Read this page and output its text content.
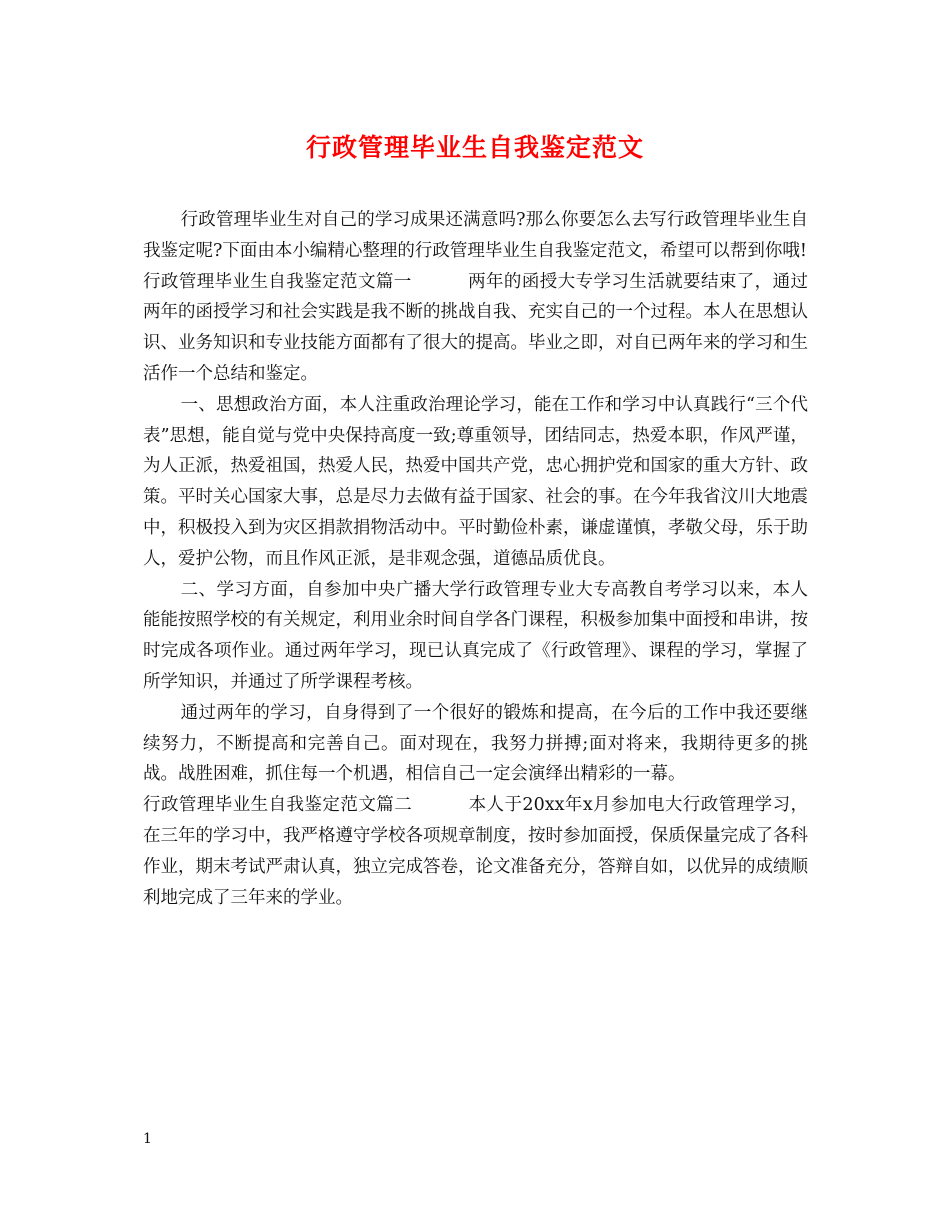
行政管理毕业生自我鉴定范文

行政管理毕业生对自己的学习成果还满意吗?那么你要怎么去写行政管理毕业生自我鉴定呢?下面由本小编精心整理的行政管理毕业生自我鉴定范文，希望可以帮到你哦!

行政管理毕业生自我鉴定范文篇一	两年的函授大专学习生活就要结束了，通过两年的函授学习和社会实践是我不断的挑战自我、充实自己的一个过程。本人在思想认识、业务知识和专业技能方面都有了很大的提高。毕业之即，对自已两年来的学习和生活作一个总结和鉴定。

一、思想政治方面，本人注重政治理论学习，能在工作和学习中认真践行“三个代表”思想，能自觉与党中央保持高度一致;尊重领导，团结同志，热爱本职，作风严谨，为人正派，热爱祖国，热爱人民，热爱中国共产党，忠心拥护党和国家的重大方针、政策。平时关心国家大事，总是尽力去做有益于国家、社会的事。在今年我省汶川大地震中，积极投入到为灾区捐款捐物活动中。平时勤俭朴素，谦虚谨慎，孝敬父母，乐于助人，爱护公物，而且作风正派，是非观念强，道德品质优良。

二、学习方面，自参加中央广播大学行政管理专业大专高教自考学习以来，本人能能按照学校的有关规定，利用业余时间自学各门课程，积极参加集中面授和串讲，按时完成各项作业。通过两年学习，现已认真完成了《行政管理》、课程的学习，掌握了所学知识，并通过了所学课程考核。

通过两年的学习，自身得到了一个很好的锻炼和提高，在今后的工作中我还要继续努力，不断提高和完善自己。面对现在，我努力拼搏;面对将来，我期待更多的挑战。战胜困难，抓住每一个机遇，相信自己一定会演绎出精彩的一幕。

行政管理毕业生自我鉴定范文篇二	本人于20xx年x月参加电大行政管理学习，在三年的学习中，我严格遵守学校各项规章制度，按时参加面授，保质保量完成了各科作业，期末考试严肃认真，独立完成答卷，论文准备充分，答辩自如，以优异的成绩顺利地完成了三年来的学业。

1
